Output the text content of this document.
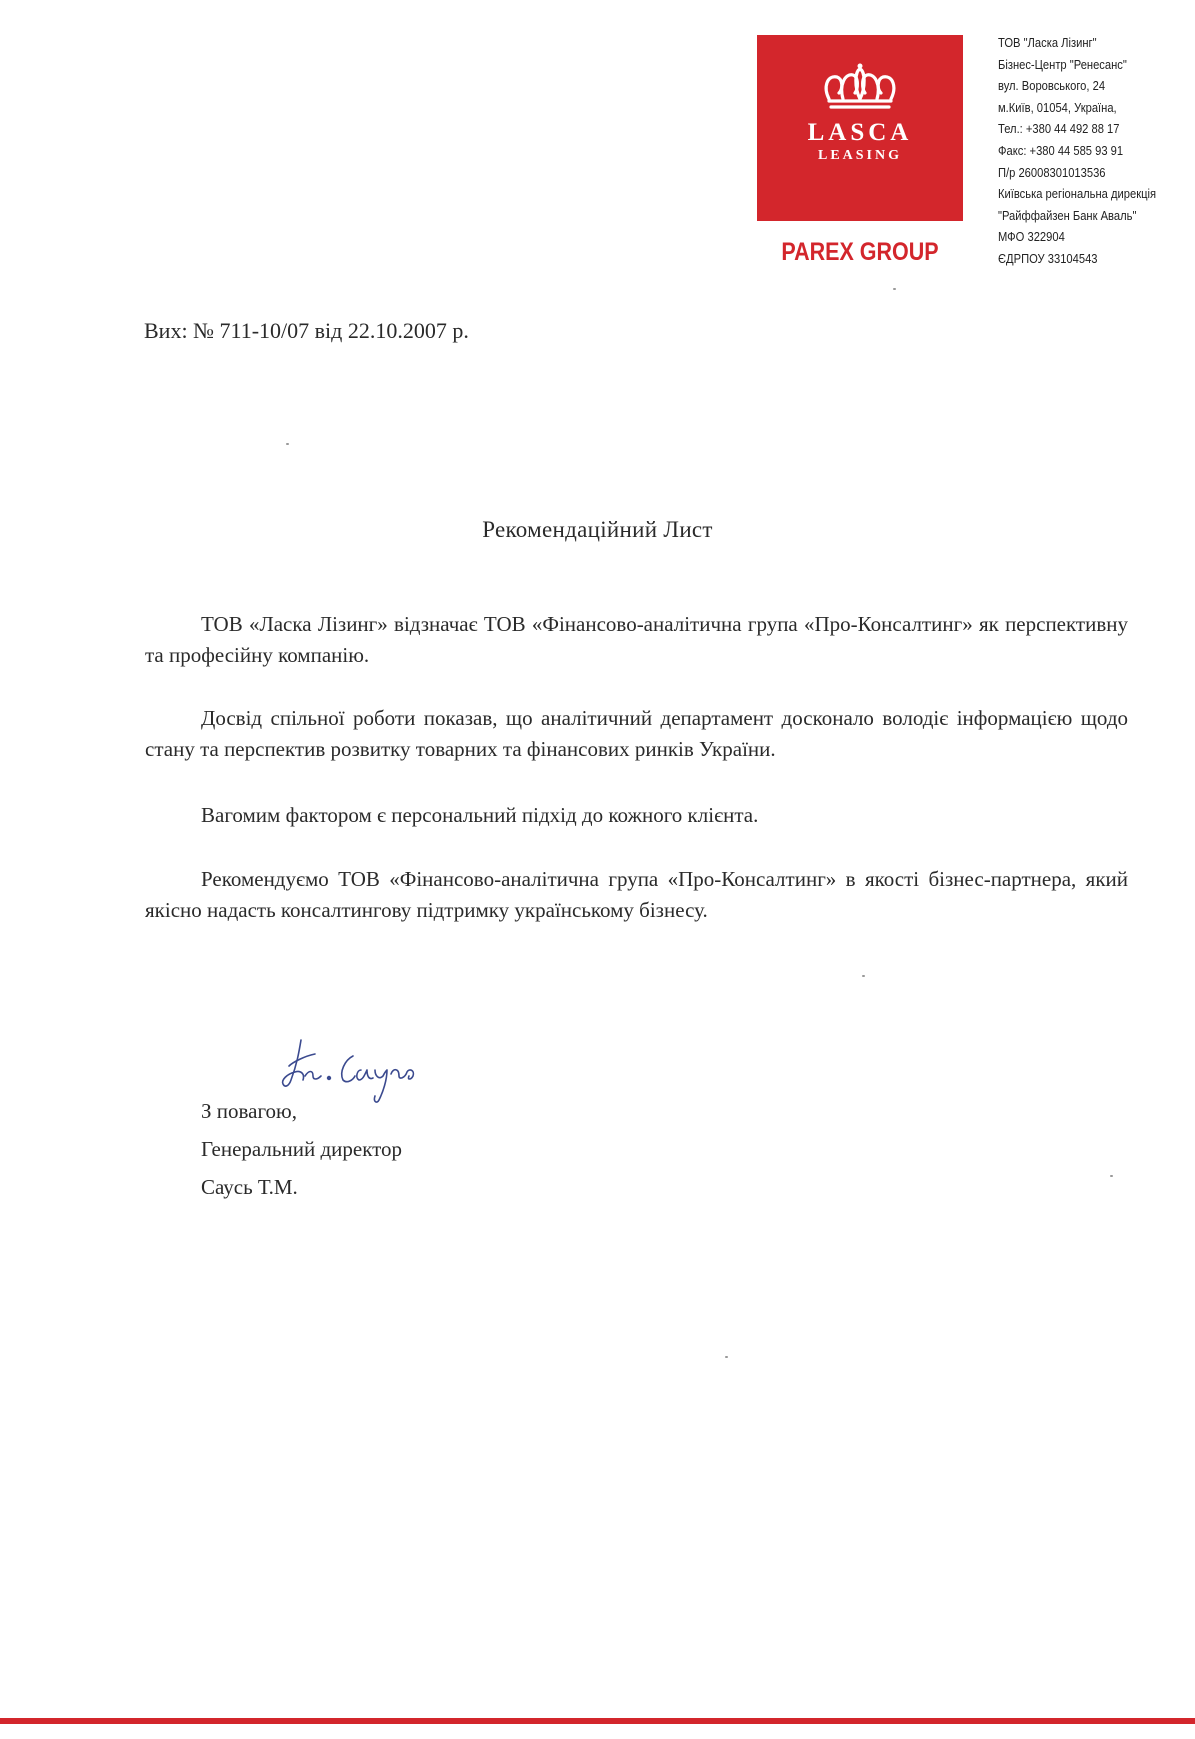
LASCA
LEASING
PAREX GROUP
ТОВ "Ласка Лізинг"
Бізнес-Центр "Ренесанс"
вул. Воровського, 24
м.Київ, 01054, Україна,
Тел.: +380 44 492 88 17
Факс: +380 44 585 93 91
П/р 26008301013536
Київська регіональна дирекція
"Райффайзен Банк Аваль"
МФО 322904
ЄДРПОУ 33104543
Вих: № 711-10/07 від 22.10.2007 р.
Рекомендаційний Лист
ТОВ «Ласка Лізинг» відзначає ТОВ «Фінансово-аналітична група «Про-Консалтинг» як перспективну та професійну компанію.
Досвід спільної роботи показав, що аналітичний департамент досконало володіє інформацією щодо стану та перспектив розвитку товарних та фінансових ринків України.
Вагомим фактором є персональний підхід до кожного клієнта.
Рекомендуємо ТОВ «Фінансово-аналітична група «Про-Консалтинг» в якості бізнес-партнера, який якісно надасть консалтингову підтримку українському бізнесу.
З повагою,
Генеральний директор
Саусь Т.М.
